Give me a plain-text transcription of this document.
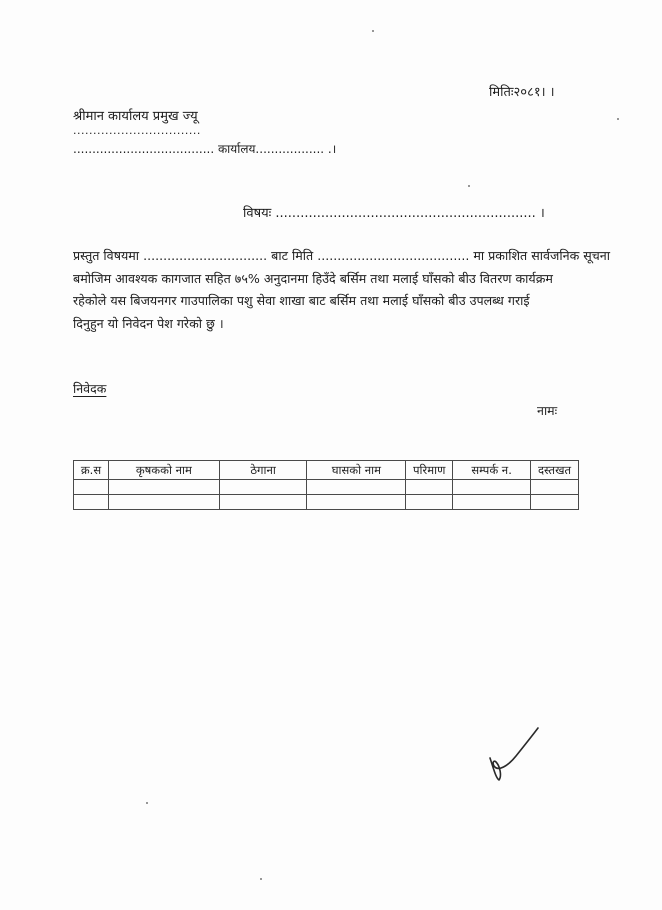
मितिः२०८१। ।
श्रीमान कार्यालय प्रमुख ज्यू
................................
..................................... कार्यालय.................. .।
विषयः ............................................................... ।

प्रस्तुत विषयमा ............................... बाट मिति ...................................... मा प्रकाशित सार्वजनिक सूचना

बमोजिम आवश्यक कागजात सहित ७५% अनुदानमा हिउँदे बर्सिम तथा मलाई घाँसको बीउ वितरण कार्यक्रम

रहेकोले यस बिजयनगर गाउपालिका पशु सेवा शाखा बाट बर्सिम तथा मलाई घाँसको बीउ उपलब्ध गराई

दिनुहुन यो निवेदन पेश गरेको छु ।

निवेदक
नामः
क्र.स	कृषकको नाम	ठेगाना	घासको नाम	परिमाण	सम्पर्क न.	दस्तखत
